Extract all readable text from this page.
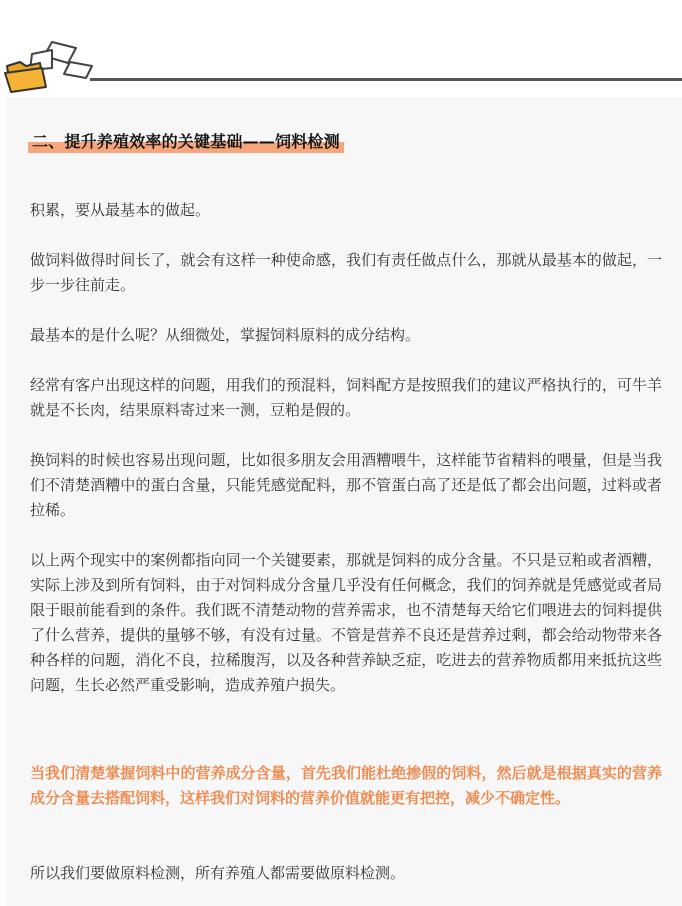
二、提升养殖效率的关键基础——饲料检测

积累，要从最基本的做起。

做饲料做得时间长了，就会有这样一种使命感，我们有责任做点什么，那就从最基本的做起，一步一步往前走。

最基本的是什么呢？从细微处，掌握饲料原料的成分结构。

经常有客户出现这样的问题，用我们的预混料，饲料配方是按照我们的建议严格执行的，可牛羊就是不长肉，结果原料寄过来一测，豆粕是假的。

换饲料的时候也容易出现问题，比如很多朋友会用酒糟喂牛，这样能节省精料的喂量，但是当我们不清楚酒糟中的蛋白含量，只能凭感觉配料，那不管蛋白高了还是低了都会出问题，过料或者拉稀。

以上两个现实中的案例都指向同一个关键要素，那就是饲料的成分含量。不只是豆粕或者酒糟，实际上涉及到所有饲料，由于对饲料成分含量几乎没有任何概念，我们的饲养就是凭感觉或者局限于眼前能看到的条件。我们既不清楚动物的营养需求，也不清楚每天给它们喂进去的饲料提供了什么营养，提供的量够不够，有没有过量。不管是营养不良还是营养过剩，都会给动物带来各种各样的问题，消化不良，拉稀腹泻，以及各种营养缺乏症，吃进去的营养物质都用来抵抗这些问题，生长必然严重受影响，造成养殖户损失。

当我们清楚掌握饲料中的营养成分含量，首先我们能杜绝掺假的饲料，然后就是根据真实的营养成分含量去搭配饲料，这样我们对饲料的营养价值就能更有把控，减少不确定性。

所以我们要做原料检测，所有养殖人都需要做原料检测。
